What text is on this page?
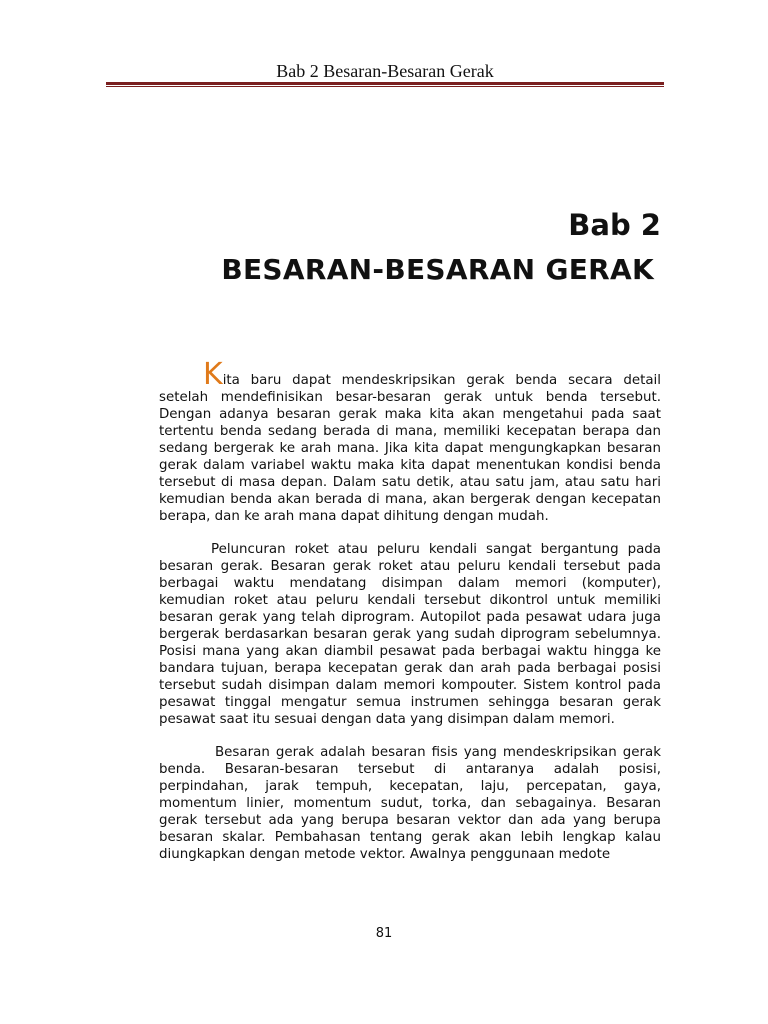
Bab 2 Besaran-Besaran Gerak
Bab 2
BESARAN-BESARAN GERAK

Kita baru dapat mendeskripsikan gerak benda secara detail setelah mendefinisikan besar-besaran gerak untuk benda tersebut. Dengan adanya besaran gerak maka kita akan mengetahui pada saat tertentu benda sedang berada di mana, memiliki kecepatan berapa dan sedang bergerak ke arah mana. Jika kita dapat mengungkapkan besaran gerak dalam variabel waktu maka kita dapat menentukan kondisi benda tersebut di masa depan. Dalam satu detik, atau satu jam, atau satu hari kemudian benda akan berada di mana, akan bergerak dengan kecepatan berapa, dan ke arah mana dapat dihitung dengan mudah.

Peluncuran roket atau peluru kendali sangat bergantung pada besaran gerak. Besaran gerak roket atau peluru kendali tersebut pada berbagai waktu mendatang disimpan dalam memori (komputer), kemudian roket atau peluru kendali tersebut dikontrol untuk memiliki besaran gerak yang telah diprogram. Autopilot pada pesawat udara juga bergerak berdasarkan besaran gerak yang sudah diprogram sebelumnya. Posisi mana yang akan diambil pesawat pada berbagai waktu hingga ke bandara tujuan, berapa kecepatan gerak dan arah pada berbagai posisi tersebut sudah disimpan dalam memori kompouter. Sistem kontrol pada pesawat tinggal mengatur semua instrumen sehingga besaran gerak pesawat saat itu sesuai dengan data yang disimpan dalam memori.

Besaran gerak adalah besaran fisis yang mendeskripsikan gerak benda. Besaran-besaran tersebut di antaranya adalah posisi, perpindahan, jarak tempuh, kecepatan, laju, percepatan, gaya, momentum linier, momentum sudut, torka, dan sebagainya. Besaran gerak tersebut ada yang berupa besaran vektor dan ada yang berupa besaran skalar. Pembahasan tentang gerak akan lebih lengkap kalau diungkapkan dengan metode vektor. Awalnya penggunaan medote

81
